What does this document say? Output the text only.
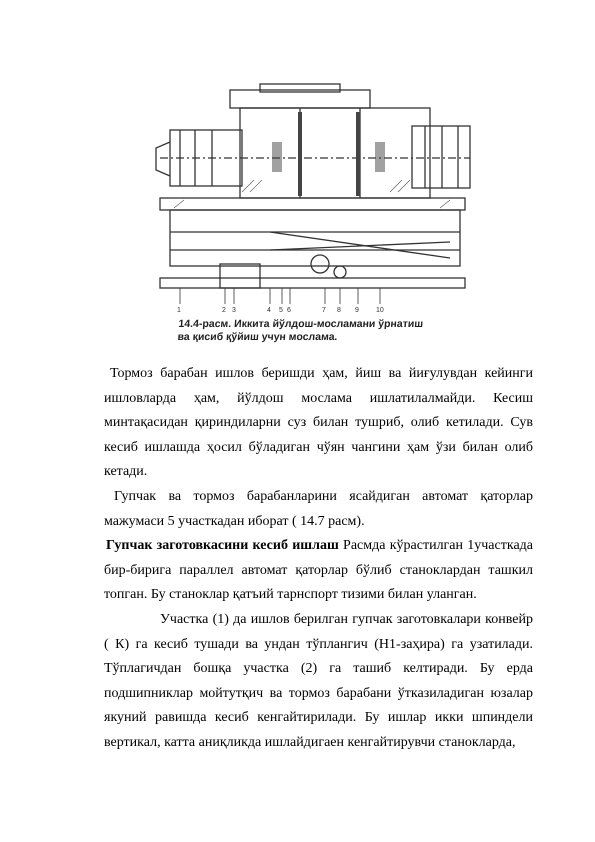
1	2 3	4 5 6	7 8 9 10
14.4-расм. Иккита йўлдош-мосламани ўрнатиш
ва қисиб қўйиш учун мослама.

Тормоз барабан ишлов беришди ҳам, йиш ва йиғулувдан кейинги ишловларда ҳам, йўлдош мослама ишлатилалмайди. Кесиш минтақасидан қириндиларни суз билан тушриб, олиб кетилади. Сув кесиб ишлашда ҳосил бўладиган чўян чангини ҳам ўзи билан олиб кетади.

Гупчак ва тормоз барабанларини ясайдиган автомат қаторлар мажумаси 5 участкадан иборат ( 14.7 расм).

Гупчак заготовкасини кесиб ишлаш Расмда кўрастилган 1участкада бир-бирига параллел автомат қаторлар бўлиб станоклардан ташкил топган. Бу станоклар қатъий тарнспорт тизими билан уланган.

Участка (1) да ишлов берилган гупчак заготовкалари конвейр ( К) га кесиб тушади ва ундан тўплангич (Н1-заҳира) га узатилади. Тўплагичдан бошқа участка (2) га ташиб келтиради. Бу ерда подшипниклар мойтутқич ва тормоз барабани ўтказиладиган юзалар якуний равишда кесиб кенгайтирилади. Бу ишлар икки шпиндели вертикал, катта аниқликда ишлайдигаен кенгайтирувчи станокларда,
